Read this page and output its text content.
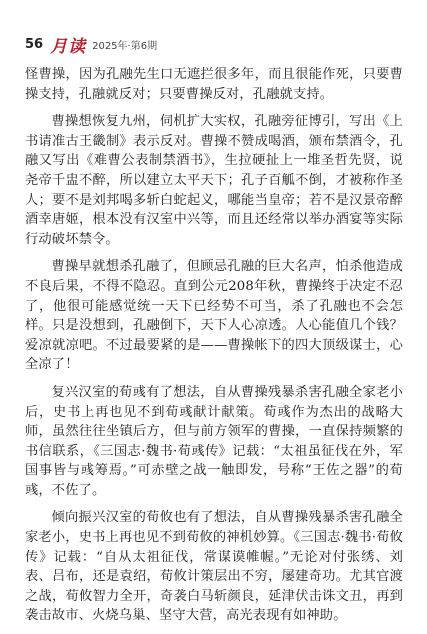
56 月读 2025年·第6期

怪曹操，因为孔融先生口无遮拦很多年，而且很能作死，只要曹操支持，孔融就反对；只要曹操反对，孔融就支持。

曹操想恢复九州，伺机扩大实权，孔融旁征博引，写出《上书请准古王畿制》表示反对。曹操不赞成喝酒，颁布禁酒令，孔融又写出《难曹公表制禁酒书》，生拉硬扯上一堆圣哲先贤，说尧帝千盅不醉，所以建立太平天下；孔子百觚不倒，才被称作圣人；要不是刘邦喝多斩白蛇起义，哪能当皇帝；若不是汉景帝醉酒幸唐姬，根本没有汉室中兴等，而且还经常以举办酒宴等实际行动破坏禁令。

曹操早就想杀孔融了，但顾忌孔融的巨大名声，怕杀他造成不良后果，不得不隐忍。直到公元208年秋，曹操终于决定不忍了，他很可能感觉统一天下已经势不可当，杀了孔融也不会怎样。只是没想到，孔融倒下，天下人心凉透。人心能值几个钱？爱凉就凉吧。不过最要紧的是——曹操帐下的四大顶级谋士，心全凉了！

复兴汉室的荀彧有了想法，自从曹操残暴杀害孔融全家老小后，史书上再也见不到荀彧献计献策。荀彧作为杰出的战略大师，虽然往往坐镇后方，但与前方领军的曹操，一直保持频繁的书信联系，《三国志·魏书·荀彧传》记载：“太祖虽征伐在外，军国事皆与彧筹焉。”可赤壁之战一触即发，号称“王佐之器”的荀彧，不佐了。

倾向振兴汉室的荀攸也有了想法，自从曹操残暴杀害孔融全家老小，史书上再也见不到荀攸的神机妙算。《三国志·魏书·荀攸传》记载：“自从太祖征伐，常谋谟帷幄。”无论对付张绣、刘表、吕布，还是袁绍，荀攸计策层出不穷，屡建奇功。尤其官渡之战，荀攸智力全开，奇袭白马斩颜良，延津伏击诛文丑，再到袭击故市、火烧乌巢、坚守大营，高光表现有如神助。
